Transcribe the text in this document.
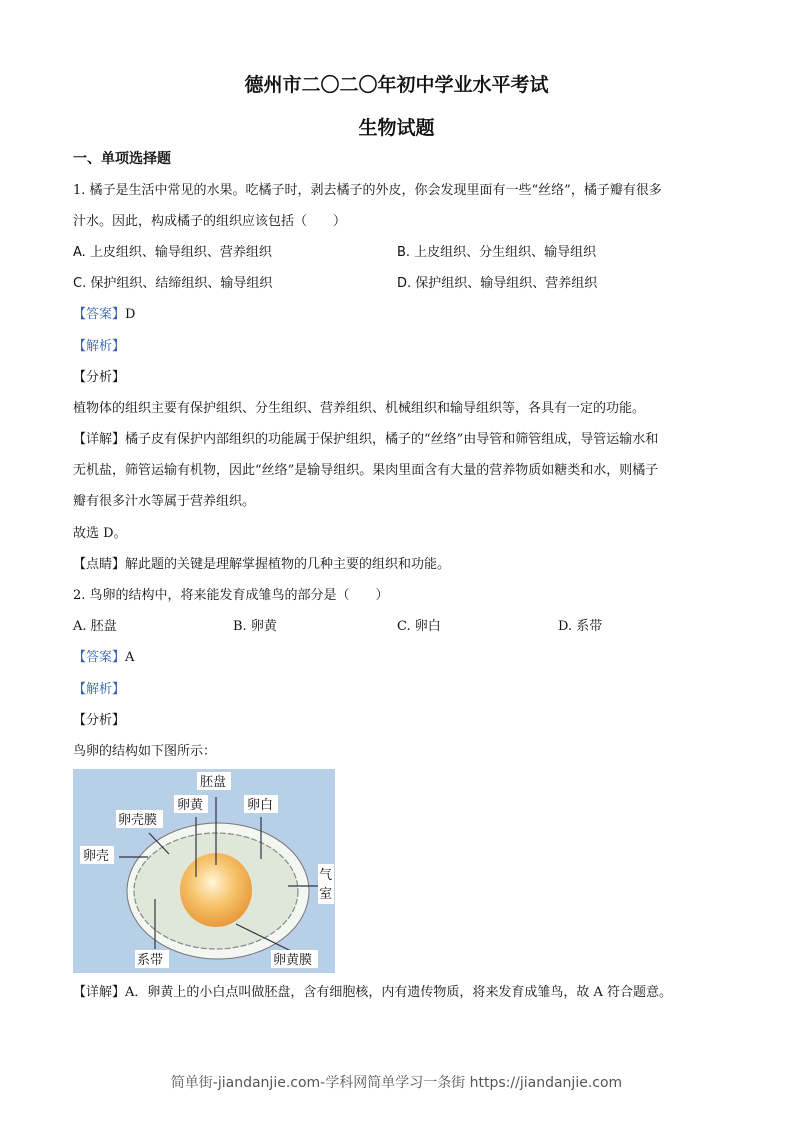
德州市二〇二〇年初中学业水平考试
生物试题
一、单项选择题
1. 橘子是生活中常见的水果。吃橘子时，剥去橘子的外皮，你会发现里面有一些“丝络”，橘子瓣有很多
汁水。因此，构成橘子的组织应该包括（　　）
A. 上皮组织、输导组织、营养组织	B. 上皮组织、分生组织、输导组织
C. 保护组织、结缔组织、输导组织	D. 保护组织、输导组织、营养组织
【答案】D
【解析】
【分析】
植物体的组织主要有保护组织、分生组织、营养组织、机械组织和输导组织等，各具有一定的功能。
【详解】橘子皮有保护内部组织的功能属于保护组织，橘子的“丝络”由导管和筛管组成，导管运输水和
无机盐，筛管运输有机物，因此“丝络”是输导组织。果肉里面含有大量的营养物质如糖类和水，则橘子
瓣有很多汁水等属于营养组织。
故选 D。
【点睛】解此题的关键是理解掌握植物的几种主要的组织和功能。
2. 鸟卵的结构中，将来能发育成雏鸟的部分是（　　）
A. 胚盘	B. 卵黄	C. 卵白	D. 系带
【答案】A
【解析】
【分析】
鸟卵的结构如下图所示：
胚盘
卵黄	卵白
卵壳膜
卵壳
气
室
系带	卵黄膜
【详解】A．卵黄上的小白点叫做胚盘，含有细胞核，内有遗传物质，将来发育成雏鸟，故 A 符合题意。
简单街-jiandanjie.com-学科网简单学习一条街 https://jiandanjie.com
